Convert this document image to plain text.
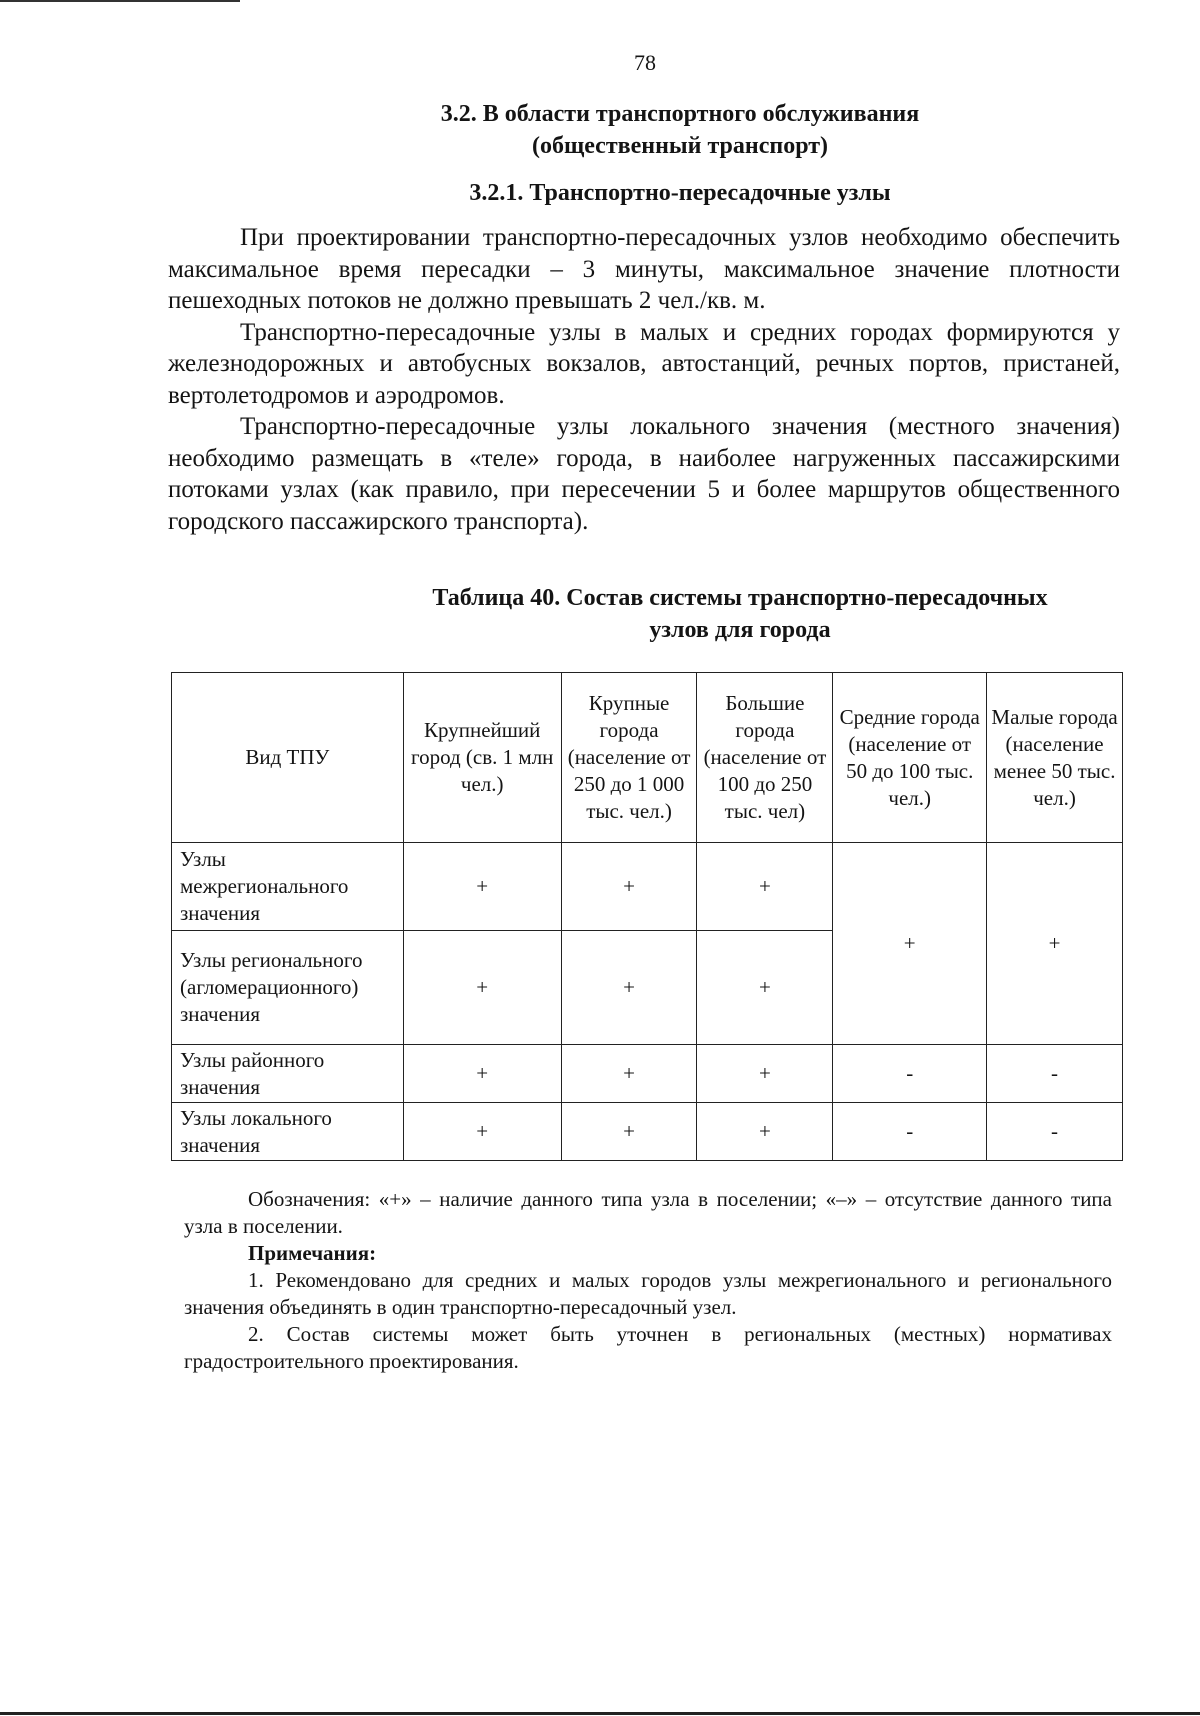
78
3.2. В области транспортного обслуживания
(общественный транспорт)
3.2.1. Транспортно-пересадочные узлы

При проектировании транспортно-пересадочных узлов необходимо обеспечить максимальное время пересадки – 3 минуты, максимальное значение плотности пешеходных потоков не должно превышать 2 чел./кв. м.

Транспортно-пересадочные узлы в малых и средних городах формируются у железнодорожных и автобусных вокзалов, автостанций, речных портов, пристаней, вертолетодромов и аэродромов.

Транспортно-пересадочные узлы локального значения (местного значения) необходимо размещать в «теле» города, в наиболее нагруженных пассажирскими потоками узлах (как правило, при пересечении 5 и более маршрутов общественного городского пассажирского транспорта).

Таблица 40. Состав системы транспортно-пересадочных
узлов для города
Вид ТПУ	Крупнейший город (св. 1 млн чел.)	Крупные города (население от 250 до 1 000 тыс. чел.)	Большие города (население от 100 до 250 тыс. чел)	Средние города (население от 50 до 100 тыс. чел.)	Малые города (население менее 50 тыс. чел.)
Узлы межрегионального значения	+	+	+	+	+
Узлы регионального (агломерационного) значения	+	+	+		
Узлы районного значения	+	+	+	-	-
Узлы локального значения	+	+	+	-	-

Обозначения: «+» – наличие данного типа узла в поселении; «–» – отсутствие данного типа узла в поселении.

Примечания:

1. Рекомендовано для средних и малых городов узлы межрегионального и регионального значения объединять в один транспортно-пересадочный узел.

2. Состав системы может быть уточнен в региональных (местных) нормативах градостроительного проектирования.
